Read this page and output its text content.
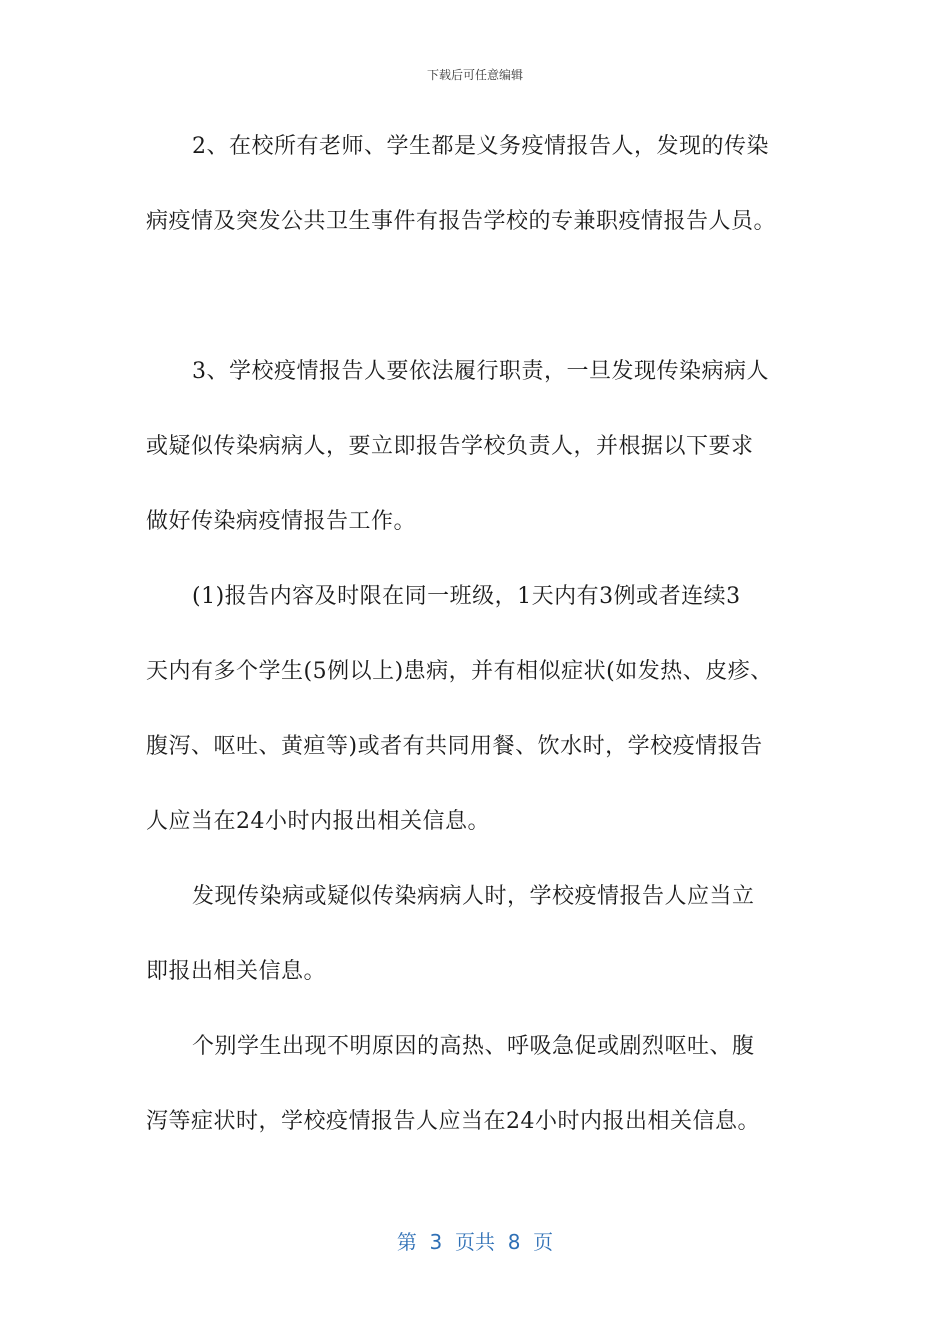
下载后可任意编辑
2、在校所有老师、学生都是义务疫情报告人，发现的传染
病疫情及突发公共卫生事件有报告学校的专兼职疫情报告人员。
3、学校疫情报告人要依法履行职责，一旦发现传染病病人
或疑似传染病病人，要立即报告学校负责人，并根据以下要求
做好传染病疫情报告工作。
(1)报告内容及时限在同一班级，1天内有3例或者连续3
天内有多个学生(5例以上)患病，并有相似症状(如发热、皮疹、
腹泻、呕吐、黄疸等)或者有共同用餐、饮水时，学校疫情报告
人应当在24小时内报出相关信息。
发现传染病或疑似传染病病人时，学校疫情报告人应当立
即报出相关信息。
个别学生出现不明原因的高热、呼吸急促或剧烈呕吐、腹
泻等症状时，学校疫情报告人应当在24小时内报出相关信息。
第  3  页共  8  页
